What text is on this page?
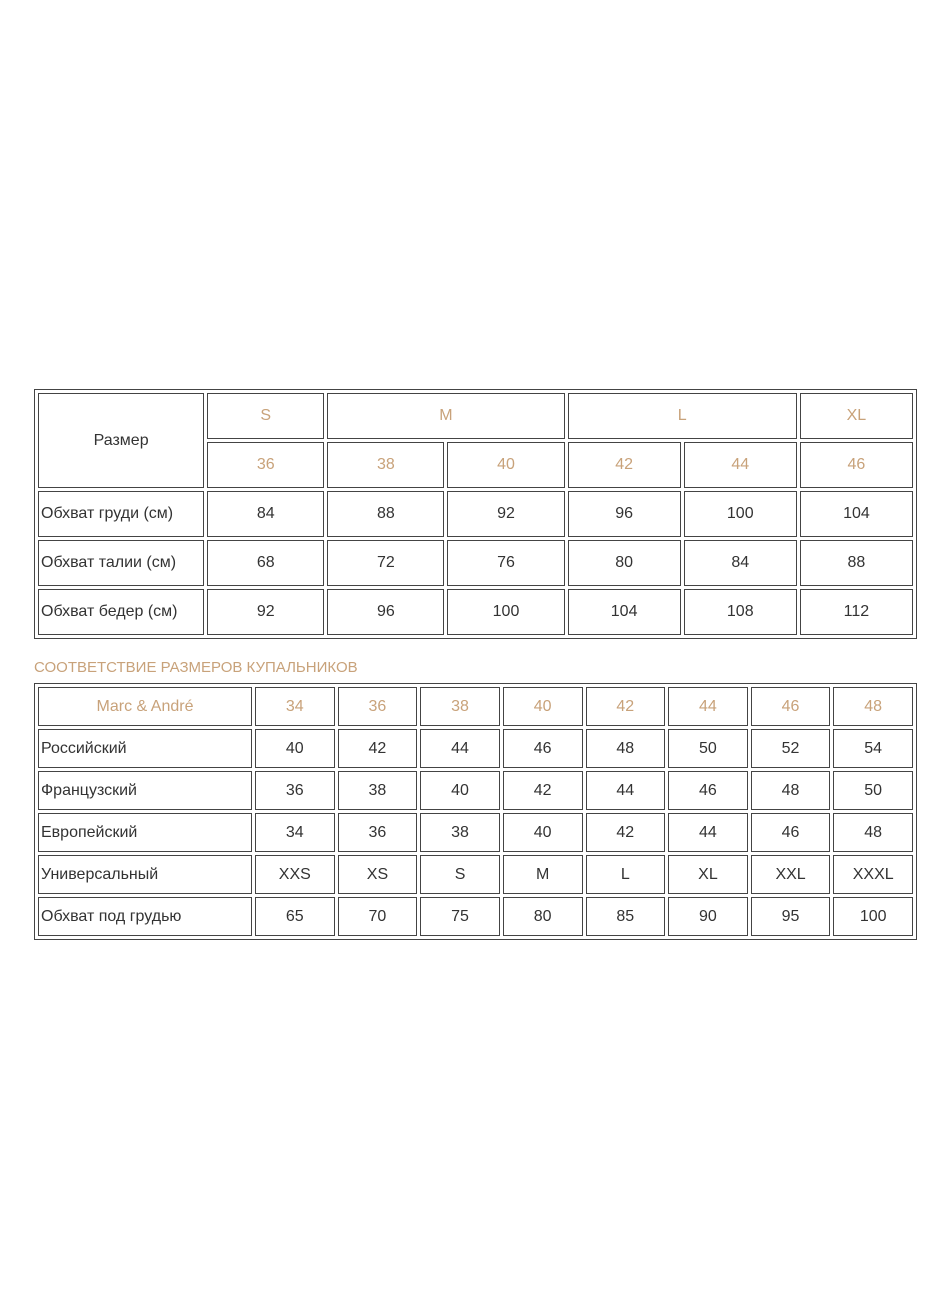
Размер	S	M		L		XL
	36	38	40	42	44	46
Обхват груди (см)	84	88	92	96	100	104
Обхват талии (см)	68	72	76	80	84	88
Обхват бедер (см)	92	96	100	104	108	112
СООТВЕТСТВИЕ РАЗМЕРОВ КУПАЛЬНИКОВ
Marc & André	34	36	38	40	42	44	46	48
Российский	40	42	44	46	48	50	52	54
Французский	36	38	40	42	44	46	48	50
Европейский	34	36	38	40	42	44	46	48
Универсальный	XXS	XS	S	M	L	XL	XXL	XXXL
Обхват под грудью	65	70	75	80	85	90	95	100
